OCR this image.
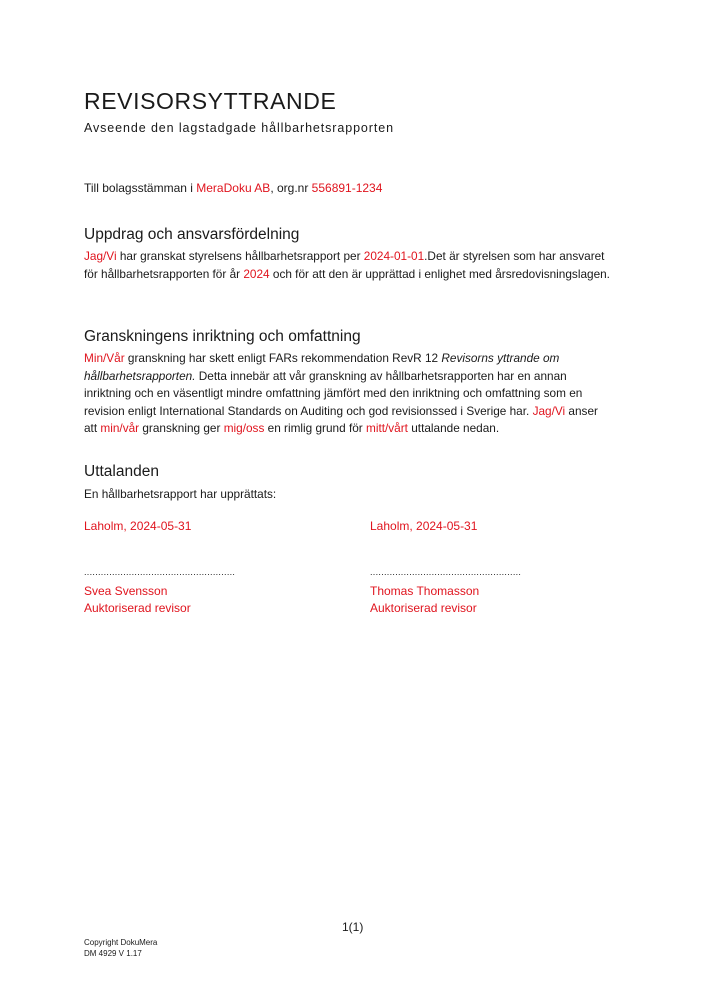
REVISORSYTTRANDE

Avseende den lagstadgade hållbarhetsrapporten

Till bolagsstämman i MeraDoku AB, org.nr 556891-1234

Uppdrag och ansvarsfördelning

Jag/Vi har granskat styrelsens hållbarhetsrapport per 2024-01-01.Det är styrelsen som har ansvaret för hållbarhetsrapporten för år 2024 och för att den är upprättad i enlighet med årsredovisningslagen.

Granskningens inriktning och omfattning

Min/Vår granskning har skett enligt FARs rekommendation RevR 12 Revisorns yttrande om hållbarhetsrapporten. Detta innebär att vår granskning av hållbarhetsrapporten har en annan inriktning och en väsentligt mindre omfattning jämfört med den inriktning och omfattning som en revision enligt International Standards on Auditing och god revisionssed i Sverige har. Jag/Vi anser att min/vår granskning ger mig/oss en rimlig grund för mitt/vårt uttalande nedan.

Uttalanden

En hållbarhetsrapport har upprättats:

Laholm, 2024-05-31
......................................................
Svea Svensson
Auktoriserad revisor
Laholm, 2024-05-31
......................................................
Thomas Thomasson
Auktoriserad revisor
1(1)
Copyright DokuMera
DM 4929 V 1.17
